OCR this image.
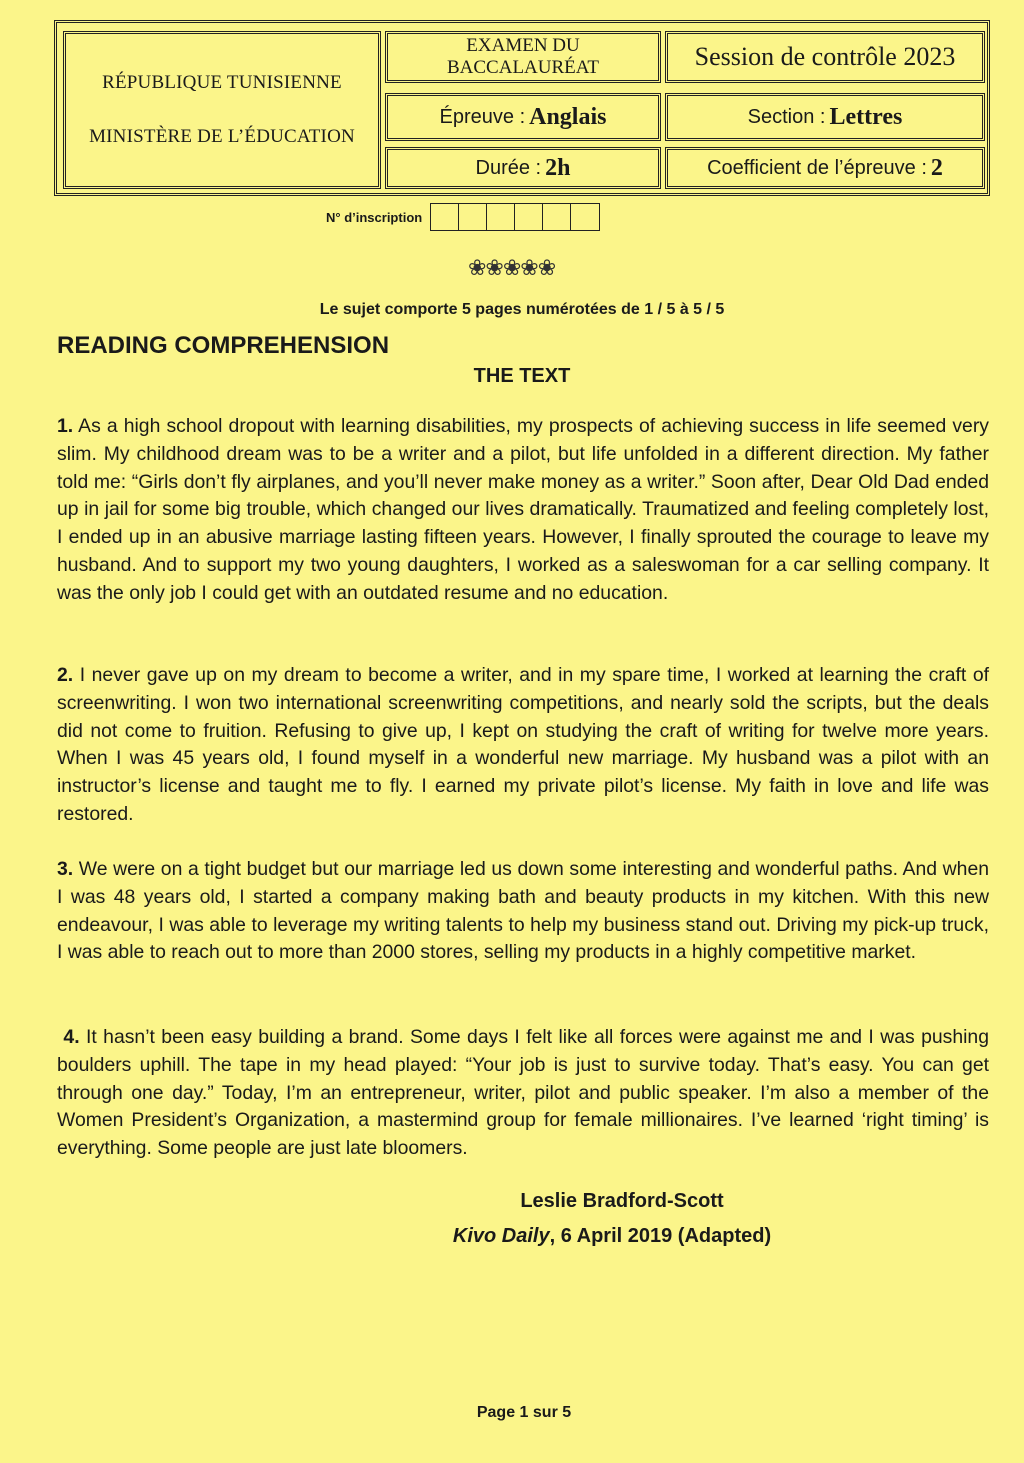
RÉPUBLIQUE TUNISIENNE
MINISTÈRE DE L’ÉDUCATION
EXAMEN DU BACCALAURÉAT	Session de contrôle 2023
Épreuve : Anglais	Section : Lettres
Durée : 2h	Coefficient de l’épreuve : 2
N° d’inscription
❀❀❀❀❀
Le sujet comporte 5 pages numérotées de 1 / 5 à 5 / 5
READING COMPREHENSION
THE TEXT

1. As a high school dropout with learning disabilities, my prospects of achieving success in life seemed very slim. My childhood dream was to be a writer and a pilot, but life unfolded in a different direction. My father told me: “Girls don’t fly airplanes, and you’ll never make money as a writer.” Soon after, Dear Old Dad ended up in jail for some big trouble, which changed our lives dramatically. Traumatized and feeling completely lost, I ended up in an abusive marriage lasting fifteen years. However, I finally sprouted the courage to leave my husband. And to support my two young daughters, I worked as a saleswoman for a car selling company. It was the only job I could get with an outdated resume and no education.

2. I never gave up on my dream to become a writer, and in my spare time, I worked at learning the craft of screenwriting. I won two international screenwriting competitions, and nearly sold the scripts, but the deals did not come to fruition. Refusing to give up, I kept on studying the craft of writing for twelve more years. When I was 45 years old, I found myself in a wonderful new marriage. My husband was a pilot with an instructor’s license and taught me to fly. I earned my private pilot’s license. My faith in love and life was restored.

3. We were on a tight budget but our marriage led us down some interesting and wonderful paths. And when I was 48 years old, I started a company making bath and beauty products in my kitchen. With this new endeavour, I was able to leverage my writing talents to help my business stand out. Driving my pick-up truck, I was able to reach out to more than 2000 stores, selling my products in a highly competitive market.

4. It hasn’t been easy building a brand. Some days I felt like all forces were against me and I was pushing boulders uphill. The tape in my head played: “Your job is just to survive today. That’s easy. You can get through one day.” Today, I’m an entrepreneur, writer, pilot and public speaker. I’m also a member of the Women President’s Organization, a mastermind group for female millionaires. I’ve learned ‘right timing’ is everything. Some people are just late bloomers.

Leslie Bradford-Scott
Kivo Daily, 6 April 2019 (Adapted)
Page 1 sur 5
